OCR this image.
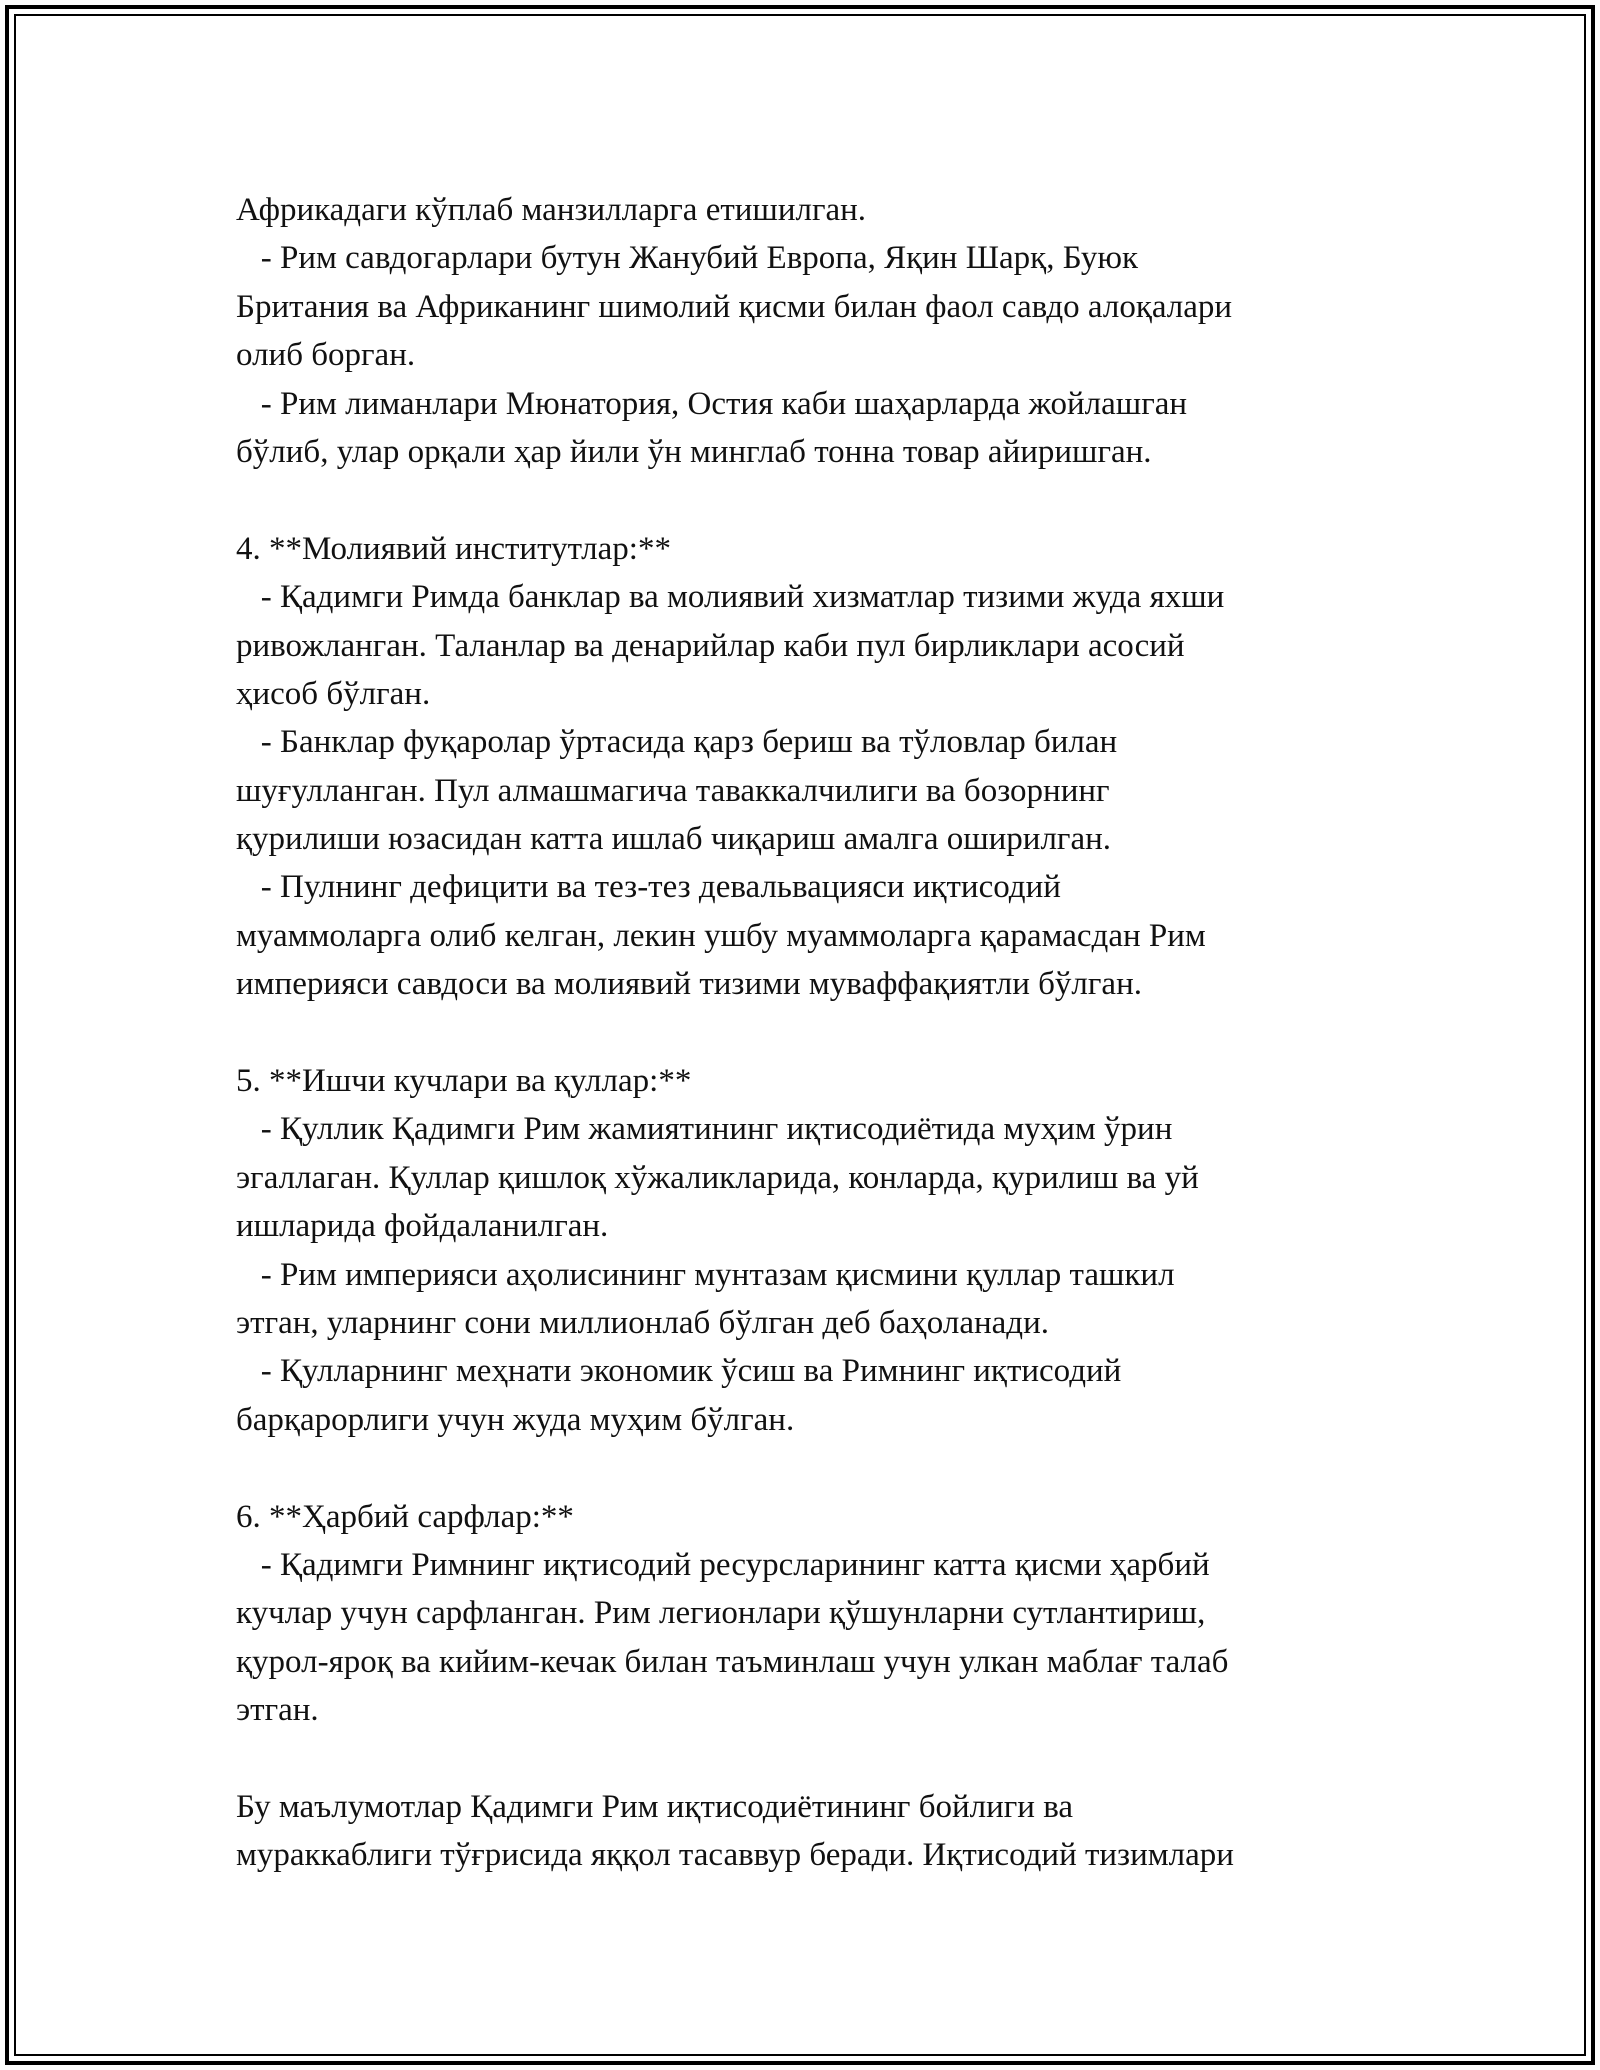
Африкадаги кўплаб манзилларга етишилган.
- Рим савдогарлари бутун Жанубий Европа, Яқин Шарқ, Буюк
Британия ва Африканинг шимолий қисми билан фаол савдо алоқалари
олиб борган.
- Рим лиманлари Мюнатория, Остия каби шаҳарларда жойлашган
бўлиб, улар орқали ҳар йили ўн минглаб тонна товар айиришган.
4. **Молиявий институтлар:**
- Қадимги Римда банклар ва молиявий хизматлар тизими жуда яхши
ривожланган. Таланлар ва денарийлар каби пул бирликлари асосий
ҳисоб бўлган.
- Банклар фуқаролар ўртасида қарз бериш ва тўловлар билан
шуғулланган. Пул алмашмагича таваккалчилиги ва бозорнинг
қурилиши юзасидан катта ишлаб чиқариш амалга оширилган.
- Пулнинг дефицити ва тез-тез девальвацияси иқтисодий
муаммоларга олиб келган, лекин ушбу муаммоларга қарамасдан Рим
империяси савдоси ва молиявий тизими муваффақиятли бўлган.
5. **Ишчи кучлари ва қуллар:**
- Қуллик Қадимги Рим жамиятининг иқтисодиётида муҳим ўрин
эгаллаган. Қуллар қишлоқ хўжаликларида, конларда, қурилиш ва уй
ишларида фойдаланилган.
- Рим империяси аҳолисининг мунтазам қисмини қуллар ташкил
этган, уларнинг сони миллионлаб бўлган деб баҳоланади.
- Қулларнинг меҳнати экономик ўсиш ва Римнинг иқтисодий
барқарорлиги учун жуда муҳим бўлган.
6. **Ҳарбий сарфлар:**
- Қадимги Римнинг иқтисодий ресурсларининг катта қисми ҳарбий
кучлар учун сарфланган. Рим легионлари қўшунларни сутлантириш,
қурол-яроқ ва кийим-кечак билан таъминлаш учун улкан маблағ талаб
этган.
Бу маълумотлар Қадимги Рим иқтисодиётининг бойлиги ва
мураккаблиги тўғрисида яққол тасаввур беради. Иқтисодий тизимлари
